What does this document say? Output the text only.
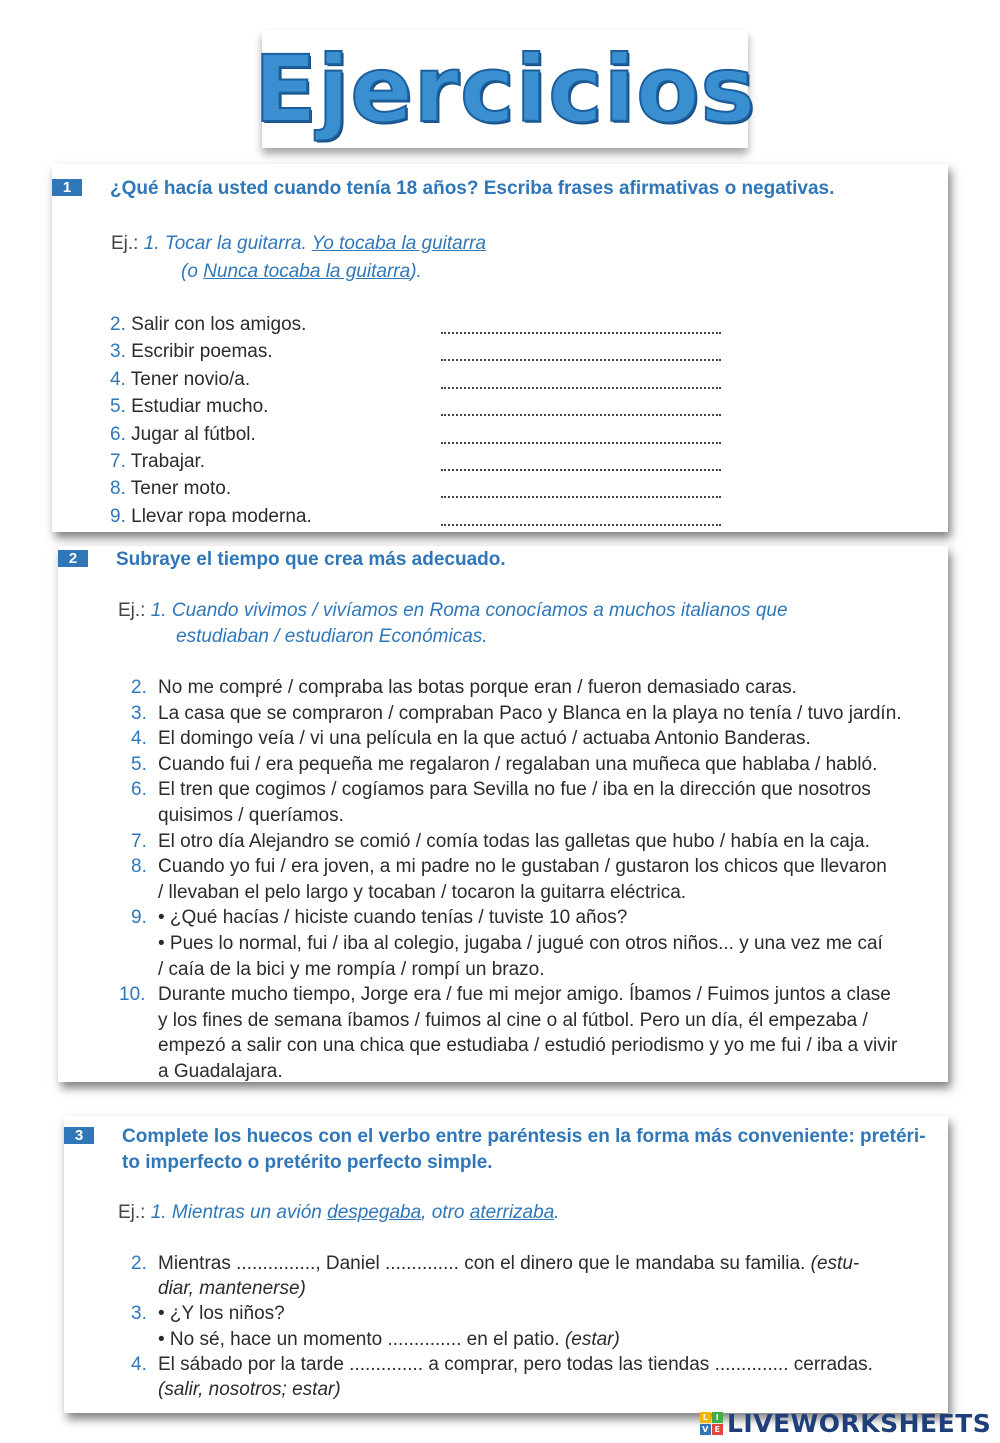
Ejercicios
1	¿Qué hacía usted cuando tenía 18 años? Escriba frases afirmativas o negativas.
Ej.: 1. Tocar la guitarra. Yo tocaba la guitarra
(o Nunca tocaba la guitarra).
2. Salir con los amigos.
3. Escribir poemas.
4. Tener novio/a.
5. Estudiar mucho.
6. Jugar al fútbol.
7. Trabajar.
8. Tener moto.
9. Llevar ropa moderna.
2	Subraye el tiempo que crea más adecuado.
Ej.: 1. Cuando vivimos / vivíamos en Roma conocíamos a muchos italianos que
estudiaban / estudiaron Económicas.
2. No me compré / compraba las botas porque eran / fueron demasiado caras.
3. La casa que se compraron / compraban Paco y Blanca en la playa no tenía / tuvo jardín.
4. El domingo veía / vi una película en la que actuó / actuaba Antonio Banderas.
5. Cuando fui / era pequeña me regalaron / regalaban una muñeca que hablaba / habló.
6. El tren que cogimos / cogíamos para Sevilla no fue / iba en la dirección que nosotros
quisimos / queríamos.
7. El otro día Alejandro se comió / comía todas las galletas que hubo / había en la caja.
8. Cuando yo fui / era joven, a mi padre no le gustaban / gustaron los chicos que llevaron
/ llevaban el pelo largo y tocaban / tocaron la guitarra eléctrica.
9. • ¿Qué hacías / hiciste cuando tenías / tuviste 10 años?
• Pues lo normal, fui / iba al colegio, jugaba / jugué con otros niños... y una vez me caí
/ caía de la bici y me rompía / rompí un brazo.
10. Durante mucho tiempo, Jorge era / fue mi mejor amigo. Íbamos / Fuimos juntos a clase
y los fines de semana íbamos / fuimos al cine o al fútbol. Pero un día, él empezaba /
empezó a salir con una chica que estudiaba / estudió periodismo y yo me fui / iba a vivir
a Guadalajara.
3	Complete los huecos con el verbo entre paréntesis en la forma más conveniente: pretéri-
to imperfecto o pretérito perfecto simple.
Ej.: 1. Mientras un avión despegaba, otro aterrizaba.
2. Mientras ..............., Daniel .............. con el dinero que le mandaba su familia. (estu-
diar, mantenerse)
3. • ¿Y los niños?
• No sé, hace un momento .............. en el patio. (estar)
4. El sábado por la tarde .............. a comprar, pero todas las tiendas .............. cerradas.
(salir, nosotros; estar)
L I
V E LIVEWORKSHEETS
